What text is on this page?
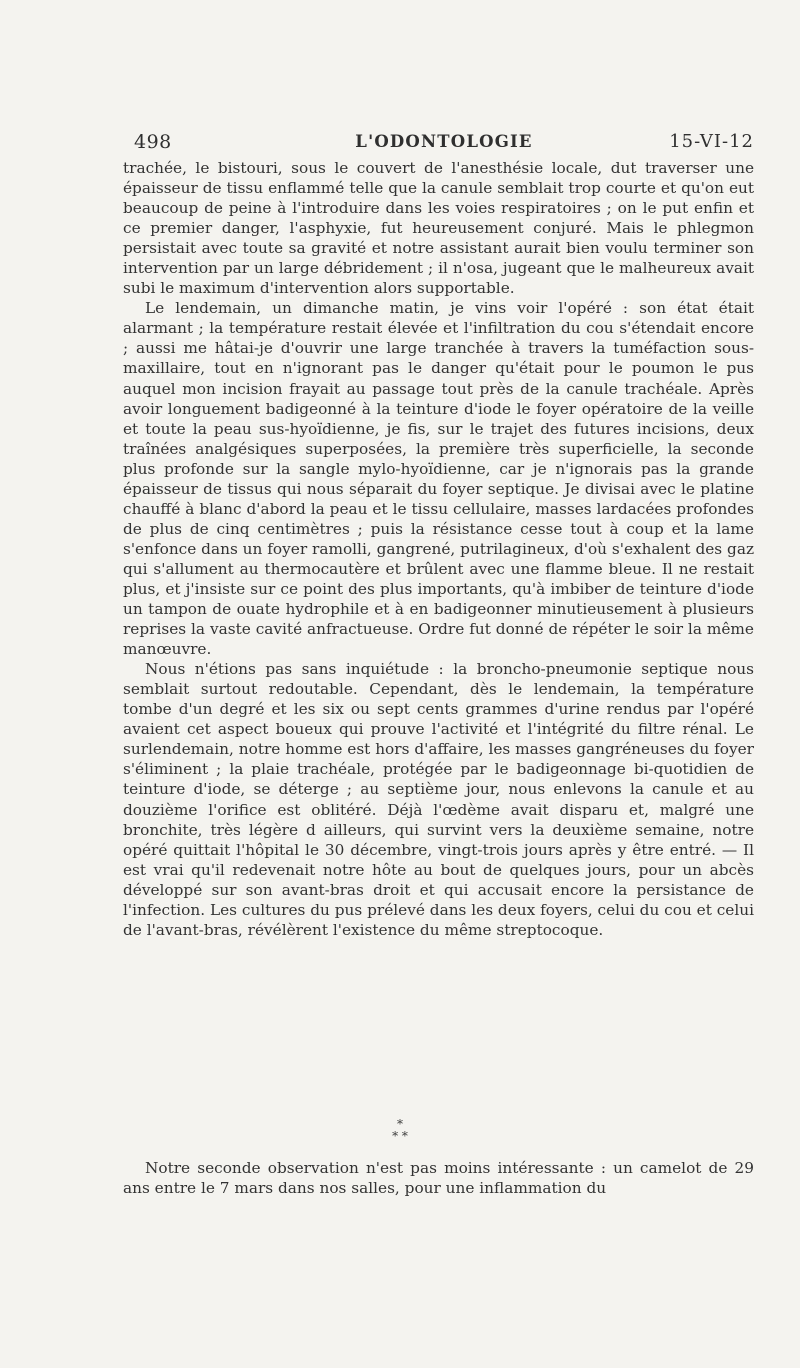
498	L'ODONTOLOGIE	15-VI-12

trachée, le bistouri, sous le couvert de l'anesthésie locale, dut traverser une épaisseur de tissu enflammé telle que la canule semblait trop courte et qu'on eut beaucoup de peine à l'introduire dans les voies respiratoires ; on le put enfin et ce premier danger, l'asphyxie, fut heureusement conjuré. Mais le phlegmon persistait avec toute sa gravité et notre assistant aurait bien voulu terminer son intervention par un large débridement ; il n'osa, jugeant que le malheureux avait subi le maximum d'intervention alors supportable.

Le lendemain, un dimanche matin, je vins voir l'opéré : son état était alarmant ; la température restait élevée et l'infiltration du cou s'étendait encore ; aussi me hâtai-je d'ouvrir une large tranchée à travers la tuméfaction sous-maxillaire, tout en n'ignorant pas le danger qu'était pour le poumon le pus auquel mon incision frayait au passage tout près de la canule trachéale. Après avoir longuement badigeonné à la teinture d'iode le foyer opératoire de la veille et toute la peau sus-hyoïdienne, je fis, sur le trajet des futures incisions, deux traînées analgésiques superposées, la première très superficielle, la seconde plus profonde sur la sangle mylo-hyoïdienne, car je n'ignorais pas la grande épaisseur de tissus qui nous séparait du foyer septique. Je divisai avec le platine chauffé à blanc d'abord la peau et le tissu cellulaire, masses lardacées profondes de plus de cinq centimètres ; puis la résistance cesse tout à coup et la lame s'enfonce dans un foyer ramolli, gangrené, putrilagineux, d'où s'exhalent des gaz qui s'allument au thermocautère et brûlent avec une flamme bleue. Il ne restait plus, et j'insiste sur ce point des plus importants, qu'à imbiber de teinture d'iode un tampon de ouate hydrophile et à en badigeonner minutieusement à plusieurs reprises la vaste cavité anfractueuse. Ordre fut donné de répéter le soir la même manœuvre.

Nous n'étions pas sans inquiétude : la broncho-pneumonie septique nous semblait surtout redoutable. Cependant, dès le lendemain, la température tombe d'un degré et les six ou sept cents grammes d'urine rendus par l'opéré avaient cet aspect boueux qui prouve l'activité et l'intégrité du filtre rénal. Le surlendemain, notre homme est hors d'affaire, les masses gangréneuses du foyer s'éliminent ; la plaie trachéale, protégée par le badigeonnage bi-quotidien de teinture d'iode, se déterge ; au septième jour, nous enlevons la canule et au douzième l'orifice est oblitéré. Déjà l'œdème avait disparu et, malgré une bronchite, très légère d ailleurs, qui survint vers la deuxième semaine, notre opéré quittait l'hôpital le 30 décembre, vingt-trois jours après y être entré. — Il est vrai qu'il redevenait notre hôte au bout de quelques jours, pour un abcès développé sur son avant-bras droit et qui accusait encore la persistance de l'infection. Les cultures du pus prélevé dans les deux foyers, celui du cou et celui de l'avant-bras, révélèrent l'existence du même streptocoque.

*
* *

Notre seconde observation n'est pas moins intéressante : un camelot de 29 ans entre le 7 mars dans nos salles, pour une inflammation du
